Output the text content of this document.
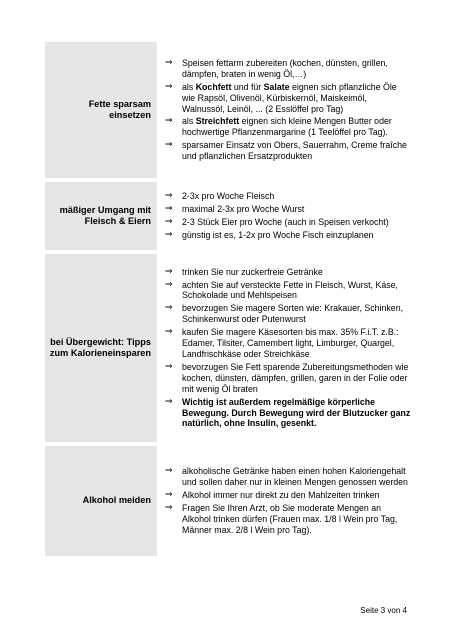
Fette sparsam einsetzen
⇒	Speisen fettarm zubereiten (kochen, dünsten, grillen, dämpfen, braten in wenig Öl,…)
⇒	als Kochfett und für Salate eignen sich pflanzliche Öle wie Rapsöl, Olivenöl, Kürbiskernöl, Maiskeimöl, Walnussöl, Leinöl, ... (2 Esslöffel pro Tag)
⇒	als Streichfett eignen sich kleine Mengen Butter oder hochwertige Pflanzenmargarine (1 Teelöffel pro Tag).
⇒	sparsamer Einsatz von Obers, Sauerrahm, Creme fraîche und pflanzlichen Ersatzprodukten
mäßiger Umgang mit Fleisch & Eiern
⇒	2-3x pro Woche Fleisch
⇒	maximal 2-3x pro Woche Wurst
⇒	2-3 Stück Eier pro Woche (auch in Speisen verkocht)
⇒	günstig ist es, 1-2x pro Woche Fisch einzuplanen
bei Übergewicht: Tipps zum Kalorieneinsparen
⇒	trinken Sie nur zuckerfreie Getränke
⇒	achten Sie auf versteckte Fette in Fleisch, Wurst, Käse, Schokolade und Mehlspeisen
⇒	bevorzugen Sie magere Sorten wie: Krakauer, Schinken, Schinkenwurst oder Putenwurst
⇒	kaufen Sie magere Käsesorten bis max. 35% F.i.T. z.B.: Edamer, Tilsiter, Camembert light, Limburger, Quargel, Landfrischkäse oder Streichkäse
⇒	bevorzugen Sie Fett sparende Zubereitungsmethoden wie kochen, dünsten, dämpfen, grillen, garen in der Folie oder mit wenig Öl braten
⇒	Wichtig ist außerdem regelmäßige körperliche Bewegung. Durch Bewegung wird der Blutzucker ganz natürlich, ohne Insulin, gesenkt.
Alkohol meiden
⇒	alkoholische Getränke haben einen hohen Kaloriengehalt und sollen daher nur in kleinen Mengen genossen werden
⇒	Alkohol immer nur direkt zu den Mahlzeiten trinken
⇒	Fragen Sie Ihren Arzt, ob Sie moderate Mengen an Alkohol trinken dürfen (Frauen max. 1/8 l Wein pro Tag, Männer max. 2/8 l Wein pro Tag).
Seite 3 von 4
